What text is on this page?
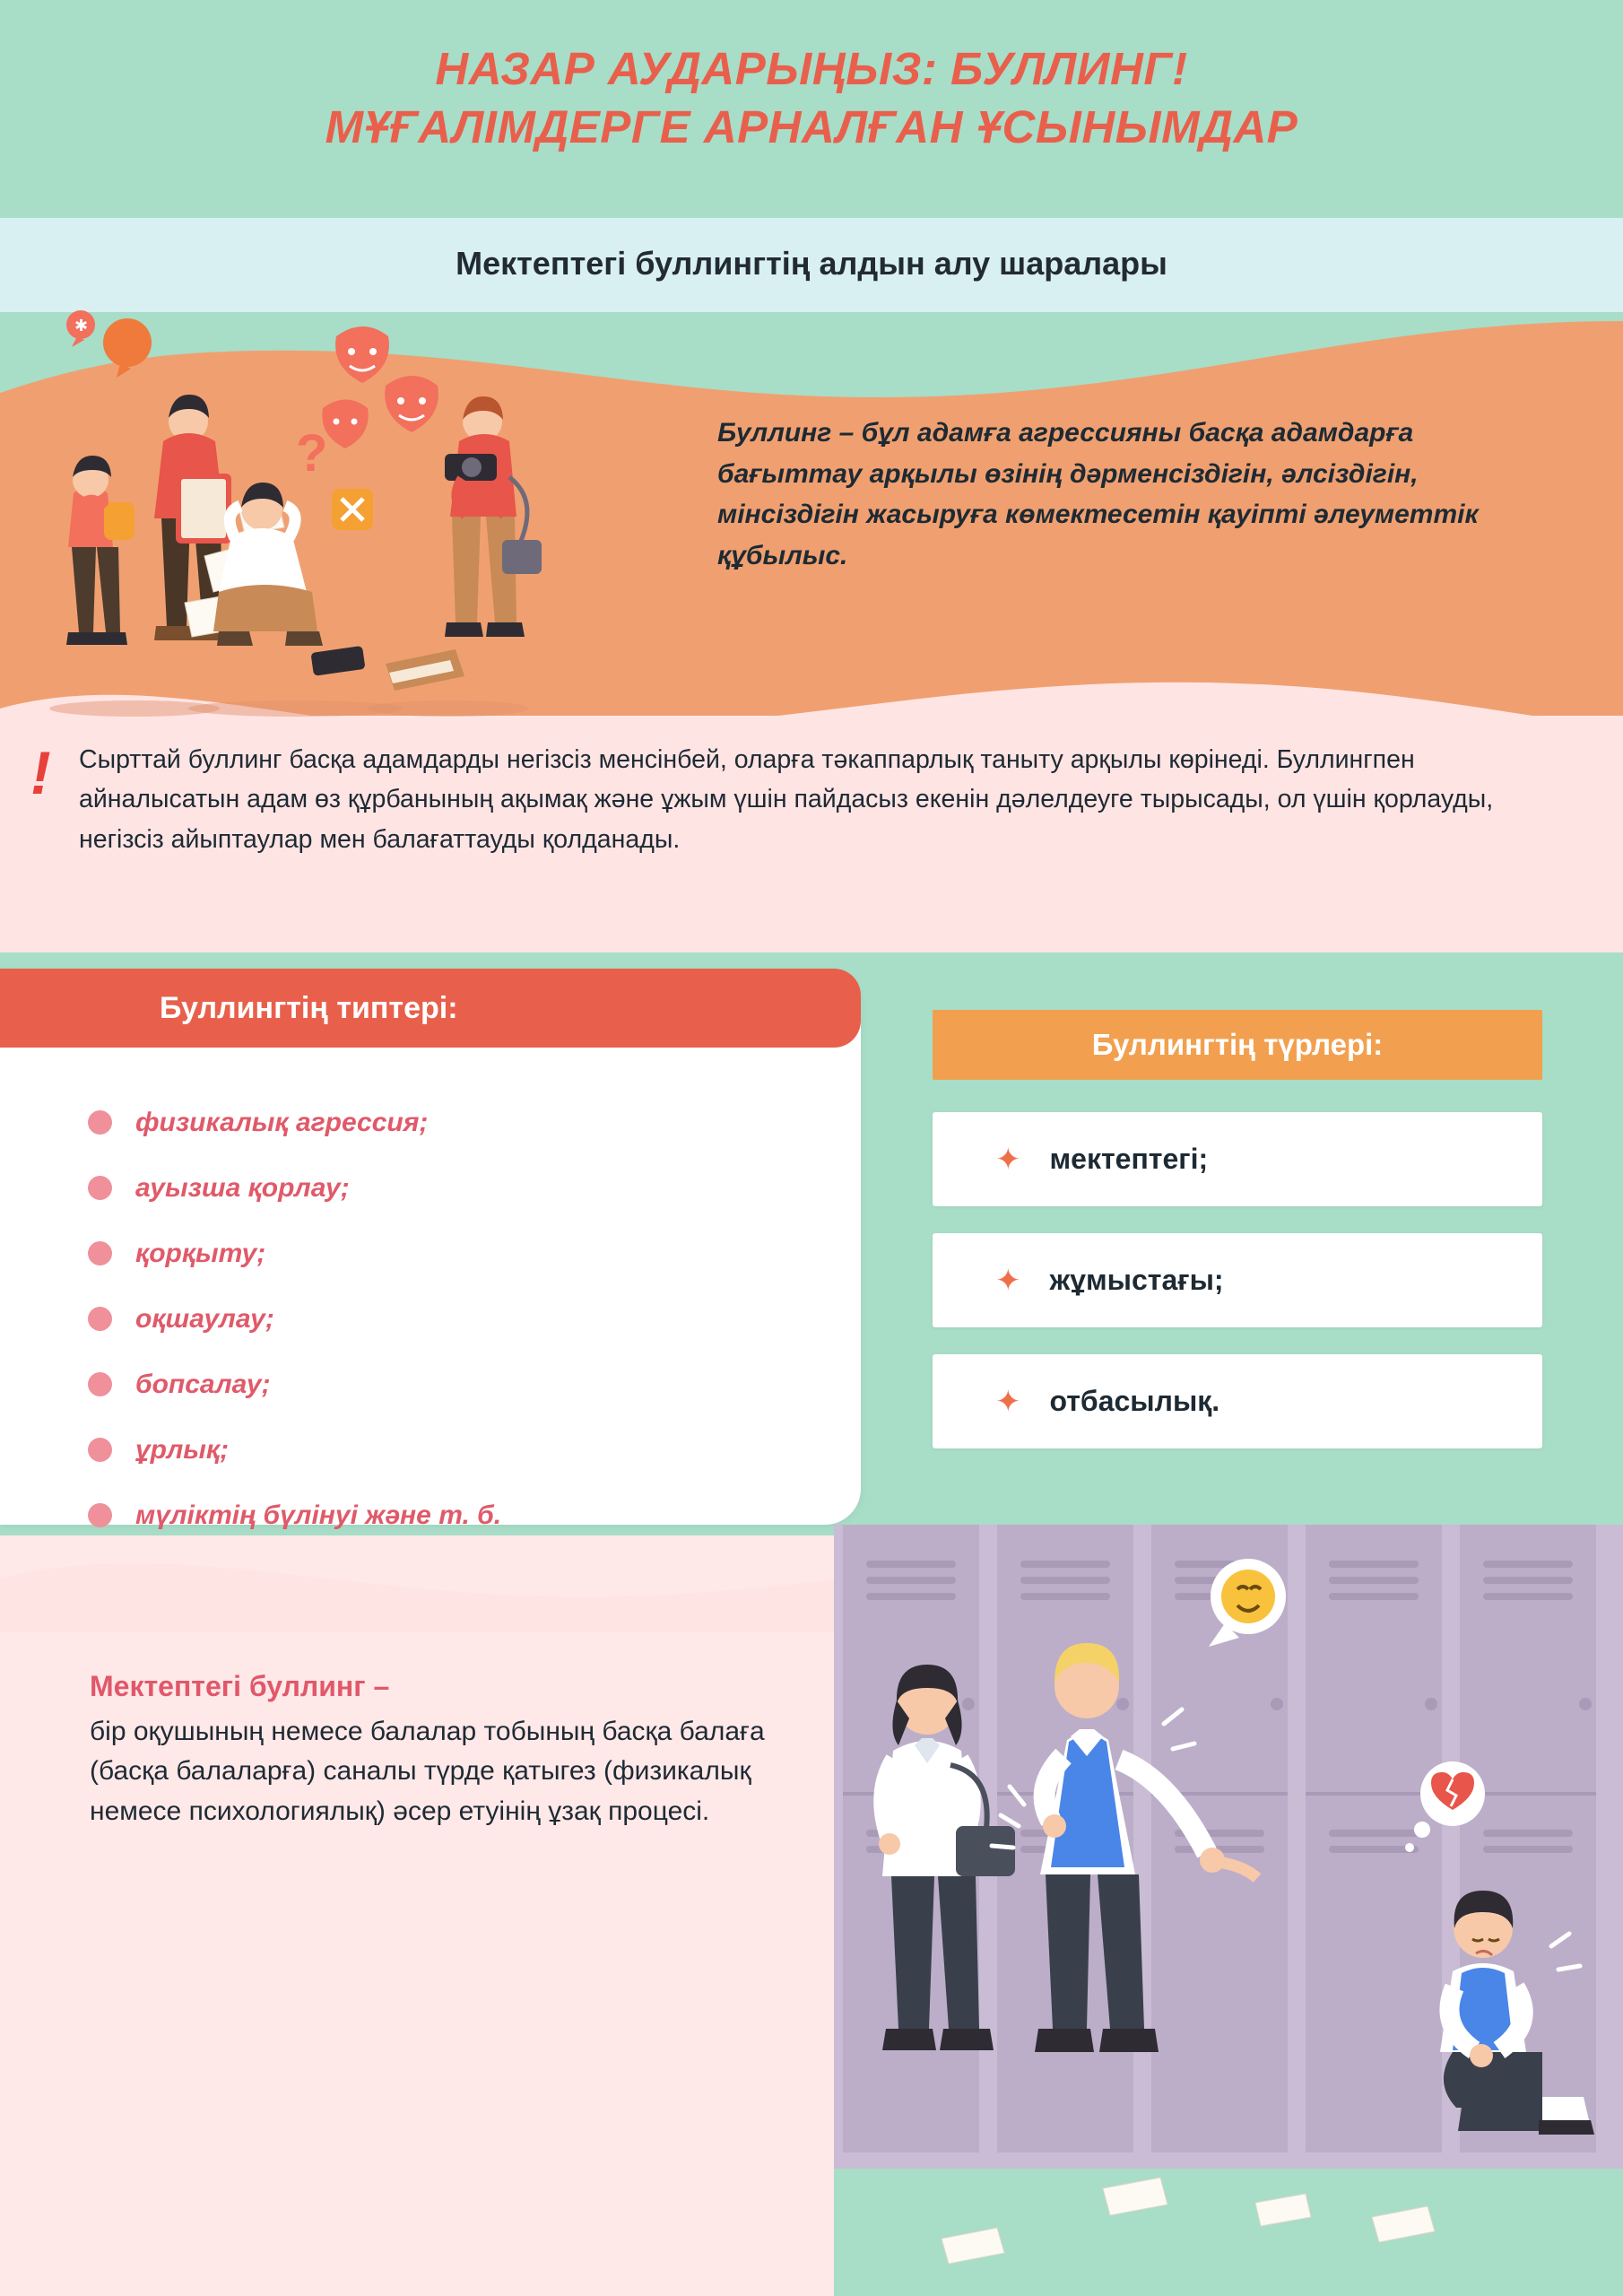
НАЗАР АУДАРЫҢЫЗ: БУЛЛИНГ!
МҰҒАЛІМДЕРГЕ АРНАЛҒАН ҰСЫНЫМДАР
Мектептегі буллингтің алдын алу шаралары
?
✱
Буллинг – бұл адамға агрессияны басқа адамдарға бағыттау арқылы өзінің дәрменсіздігін, әлсіздігін, мінсіздігін жасыруға көмектесетін қауіпті әлеуметтік құбылыс.
! Сырттай буллинг басқа адамдарды негізсіз менсінбей, оларға тәкаппарлық таныту арқылы көрінеді. Буллингпен айналысатын адам өз құрбанының ақымақ және ұжым үшін пайдасыз екенін дәлелдеуге тырысады, ол үшін қорлауды, негізсіз айыптаулар мен балағаттауды қолданады.
Буллингтің типтері:
физикалық агрессия;
ауызша қорлау;
қорқыту;
оқшаулау;
бопсалау;
ұрлық;
мүліктің бүлінуі және т. б.
Буллингтің түрлері:
✦ мектептегі;
✦ жұмыстағы;
✦ отбасылық.
Мектептегі буллинг –
бір оқушының немесе балалар тобының басқа балаға (басқа балаларға) саналы түрде қатыгез (физикалық немесе психологиялық) әсер етуінің ұзақ процесі.
